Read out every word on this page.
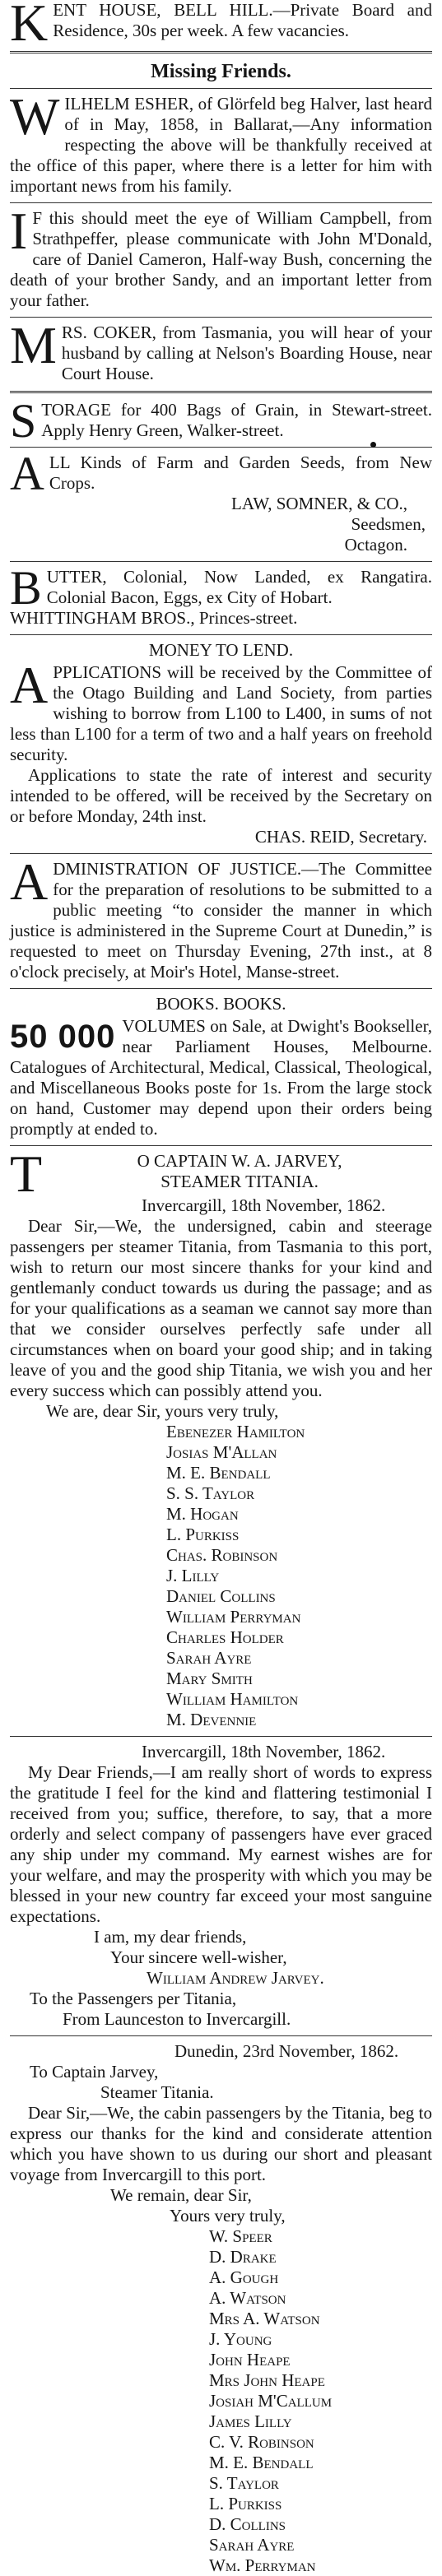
K ENT HOUSE, BELL HILL.—Private Board and Residence, 30s per week. A few vacancies.

Missing Friends.
W ILHELM ESHER, of Glörfeld beg Halver, last heard of in May, 1858, in Ballarat,—Any information respecting the above will be thankfully received at the office of this paper, where there is a letter for him with important news from his family.

I F this should meet the eye of William Campbell, from Strathpeffer, please communicate with John M'Donald, care of Daniel Cameron, Half-way Bush, concerning the death of your brother Sandy, and an important letter from your father.

M RS. COKER, from Tasmania, you will hear of your husband by calling at Nelson's Boarding House, near Court House.

S TORAGE for 400 Bags of Grain, in Stewart-street. Apply Henry Green, Walker-street.

A LL Kinds of Farm and Garden Seeds, from New Crops.

LAW, SOMNER, & CO.,

Seedsmen,

Octagon.

B UTTER, Colonial, Now Landed, ex Rangatira. Colonial Bacon, Eggs, ex City of Hobart.

WHITTINGHAM BROS., Princes-street.

MONEY TO LEND.
A PPLICATIONS will be received by the Committee of the Otago Building and Land Society, from parties wishing to borrow from L100 to L400, in sums of not less than L100 for a term of two and a half years on freehold security.

Applications to state the rate of interest and security intended to be offered, will be received by the Secretary on or before Monday, 24th inst.

CHAS. REID, Secretary.

A DMINISTRATION OF JUSTICE.—The Committee for the preparation of resolutions to be submitted to a public meeting “to consider the manner in which justice is administered in the Supreme Court at Dunedin,” is requested to meet on Thursday Evening, 27th inst., at 8 o'clock precisely, at Moir's Hotel, Manse-street.

BOOKS. BOOKS.
50 000 VOLUMES on Sale, at Dwight's Bookseller, near Parliament Houses, Melbourne. Catalogues of Architectural, Medical, Classical, Theological, and Miscellaneous Books poste for 1s. From the large stock on hand, Customer may depend upon their orders being promptly at ended to.

T	O CAPTAIN W. A. JARVEY,

STEAMER TITANIA.

Invercargill, 18th November, 1862.

Dear Sir,—We, the undersigned, cabin and steerage passengers per steamer Titania, from Tasmania to this port, wish to return our most sincere thanks for your kind and gentlemanly conduct towards us during the passage; and as for your qualifications as a seaman we cannot say more than that we consider ourselves perfectly safe under all circumstances when on board your good ship; and in taking leave of you and the good ship Titania, we wish you and her every success which can possibly attend you.

We are, dear Sir, yours very truly,

Ebenezer Hamilton

Josias M'Allan

M. E. Bendall

S. S. Taylor

M. Hogan

L. Purkiss

Chas. Robinson

J. Lilly

Daniel Collins

William Perryman

Charles Holder

Sarah Ayre

Mary Smith

William Hamilton

M. Devennie

Invercargill, 18th November, 1862.

My Dear Friends,—I am really short of words to express the gratitude I feel for the kind and flattering testimonial I received from you; suffice, therefore, to say, that a more orderly and select company of passengers have ever graced any ship under my command. My earnest wishes are for your welfare, and may the prosperity with which you may be blessed in your new country far exceed your most sanguine expectations.

I am, my dear friends,

Your sincere well-wisher,

William Andrew Jarvey.

To the Passengers per Titania,

From Launceston to Invercargill.

Dunedin, 23rd November, 1862.

To Captain Jarvey,

Steamer Titania.

Dear Sir,—We, the cabin passengers by the Titania, beg to express our thanks for the kind and considerate attention which you have shown to us during our short and pleasant voyage from Invercargill to this port.

We remain, dear Sir,

Yours very truly,

W. Speer

D. Drake

A. Gough

A. Watson

Mrs A. Watson

J. Young

John Heape

Mrs John Heape

Josiah M'Callum

James Lilly

C. V. Robinson

M. E. Bendall

S. Taylor

L. Purkiss

D. Collins

Sarah Ayre

Wm. Perryman
